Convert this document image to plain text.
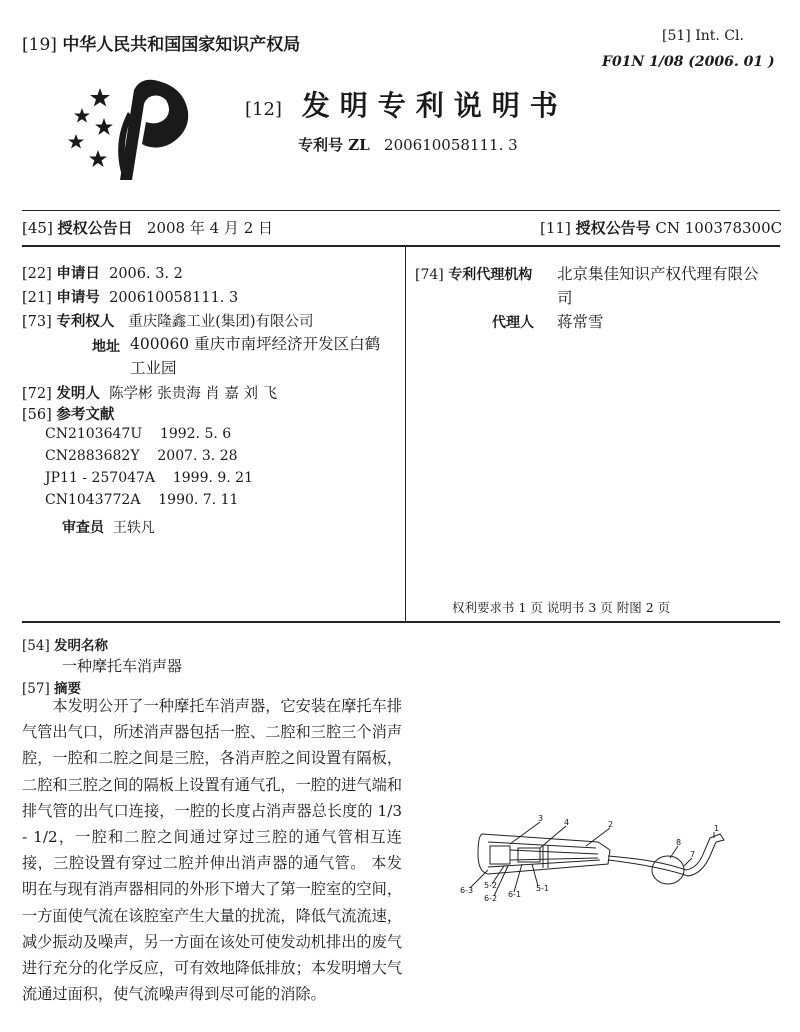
[19] 中华人民共和国国家知识产权局	[51] Int. Cl.
F01N 1/08 (2006. 01 )
[12] 发明专利说明书
专利号 ZL 200610058111. 3
[45] 授权公告日 2008 年 4 月 2 日	[11] 授权公告号 CN 100378300C
[22] 申请日 2006. 3. 2
[21] 申请号 200610058111. 3
[73] 专利权人 重庆隆鑫工业(集团)有限公司
地址 400060 重庆市南坪经济开发区白鹤
工业园
[72] 发明人 陈学彬 张贵海 肖 嘉 刘 飞
[56] 参考文献
CN2103647U 1992. 5. 6
CN2883682Y 2007. 3. 28
JP11 - 257047A 1999. 9. 21
CN1043772A 1990. 7. 11
审查员 王轶凡
[74] 专利代理机构 北京集佳知识产权代理有限公
司
代理人 蒋常雪
权利要求书 1 页 说明书 3 页 附图 2 页
[54] 发明名称
一种摩托车消声器
[57] 摘要
本发明公开了一种摩托车消声器，它安装在摩托车排气管出气口，所述消声器包括一腔、二腔和三腔三个消声腔，一腔和二腔之间是三腔，各消声腔之间设置有隔板，二腔和三腔之间的隔板上设置有通气孔，一腔的进气端和排气管的出气口连接，一腔的长度占消声器总长度的 1/3 - 1/2，一腔和二腔之间通过穿过三腔的通气管相互连接，三腔设置有穿过二腔并伸出消声器的通气管。 本发明在与现有消声器相同的外形下增大了第一腔室的空间，一方面使气流在该腔室产生大量的扰流，降低气流流速，减少振动及噪声，另一方面在该处可使发动机排出的废气进行充分的化学反应，可有效地降低排放；本发明增大气流通过面积，使气流噪声得到尽可能的消除。
3	4	2
8
1
7
6-3
5-2
6-2 6-1
5-1
